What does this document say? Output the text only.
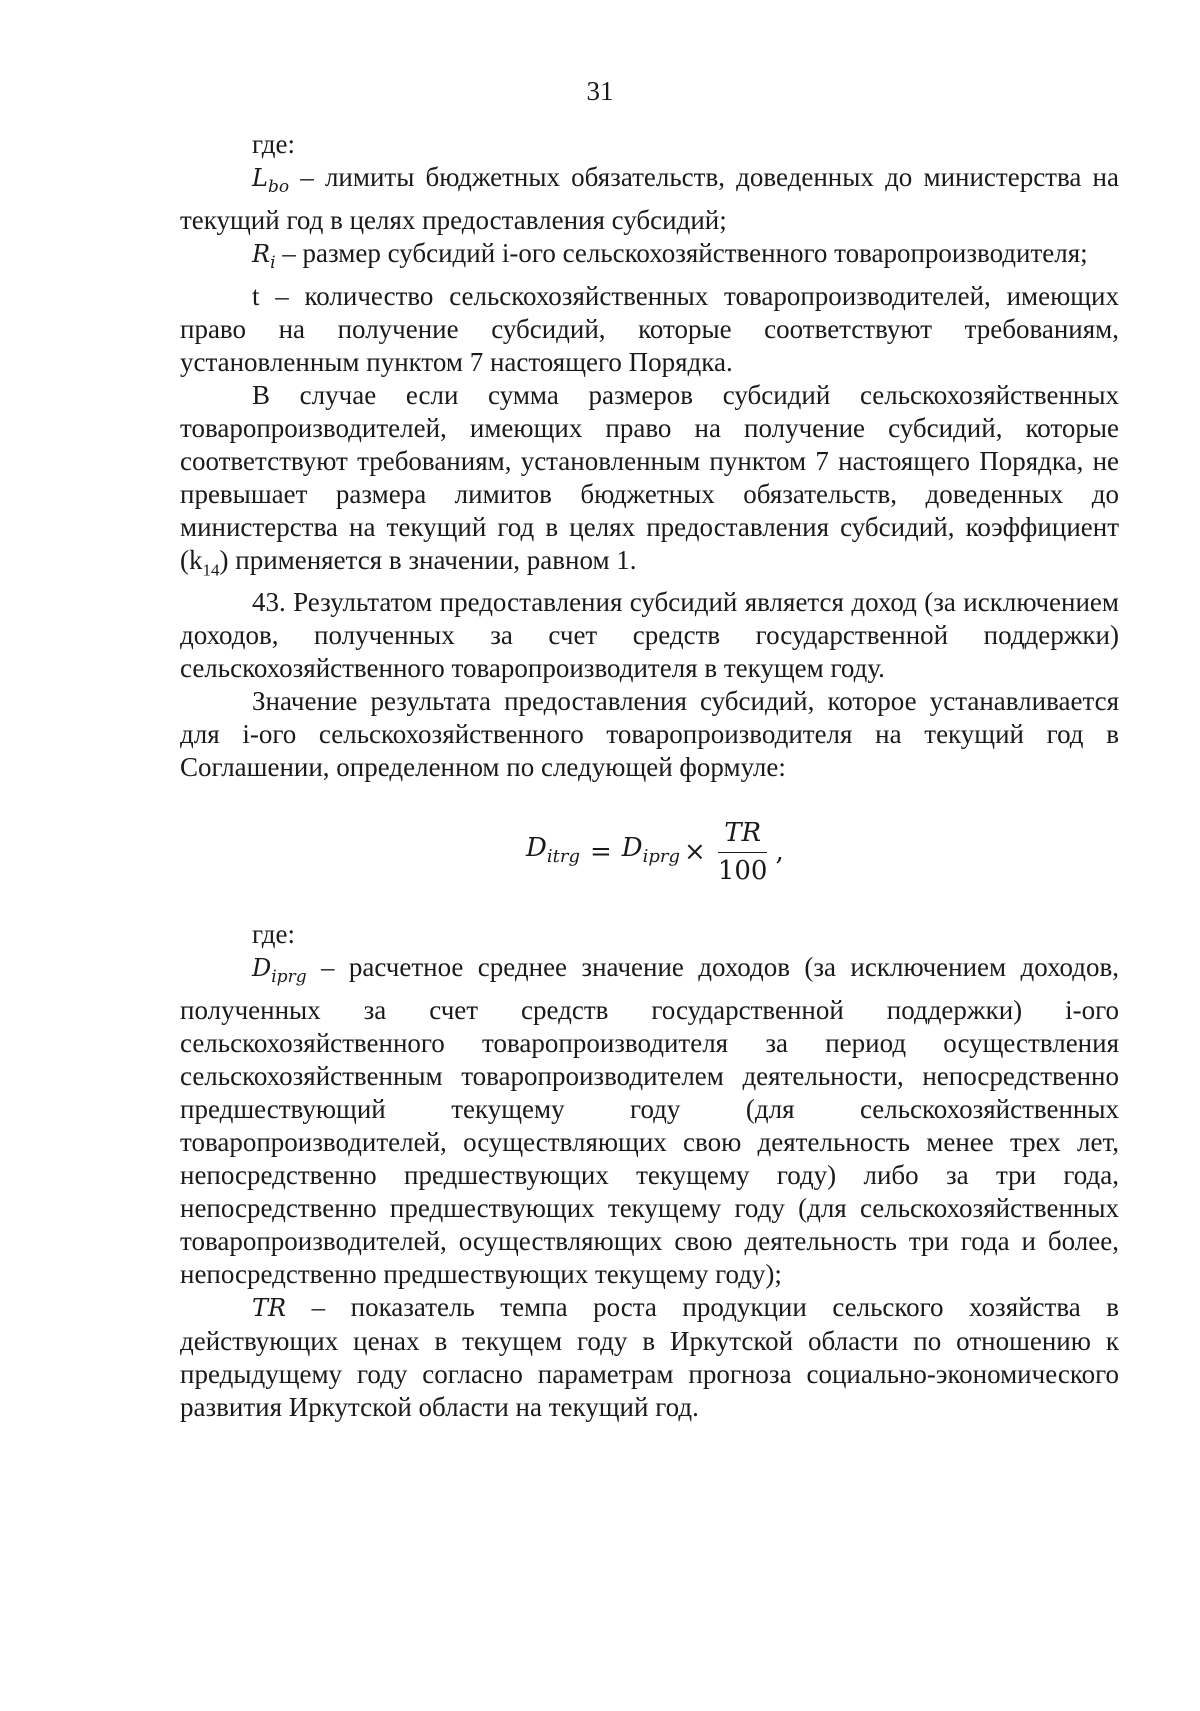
31
где:

$L_{bo}$ – лимиты бюджетных обязательств, доведенных до министерства на текущий год в целях предоставления субсидий;

$R_i$ – размер субсидий i-ого сельскохозяйственного товаропроизводителя;

t – количество сельскохозяйственных товаропроизводителей, имеющих право на получение субсидий, которые соответствуют требованиям, установленным пунктом 7 настоящего Порядка.

В случае если сумма размеров субсидий сельскохозяйственных товаропроизводителей, имеющих право на получение субсидий, которые соответствуют требованиям, установленным пунктом 7 настоящего Порядка, не превышает размера лимитов бюджетных обязательств, доведенных до министерства на текущий год в целях предоставления субсидий, коэффициент $(k_{14})$ применяется в значении, равном 1.

43. Результатом предоставления субсидий является доход (за исключением доходов, полученных за счет средств государственной поддержки) сельскохозяйственного товаропроизводителя в текущем году.

Значение результата предоставления субсидий, которое устанавливается для i-ого сельскохозяйственного товаропроизводителя на текущий год в Соглашении, определенном по следующей формуле:

$D_{itrg} = D_{iprg} \times \frac{TR}{100}$ ,
где:

$D_{iprg}$ – расчетное среднее значение доходов (за исключением доходов, полученных за счет средств государственной поддержки) i-ого сельскохозяйственного товаропроизводителя за период осуществления сельскохозяйственным товаропроизводителем деятельности, непосредственно предшествующий текущему году (для сельскохозяйственных товаропроизводителей, осуществляющих свою деятельность менее трех лет, непосредственно предшествующих текущему году) либо за три года, непосредственно предшествующих текущему году (для сельскохозяйственных товаропроизводителей, осуществляющих свою деятельность три года и более, непосредственно предшествующих текущему году);

TR – показатель темпа роста продукции сельского хозяйства в действующих ценах в текущем году в Иркутской области по отношению к предыдущему году согласно параметрам прогноза социально-экономического развития Иркутской области на текущий год.
